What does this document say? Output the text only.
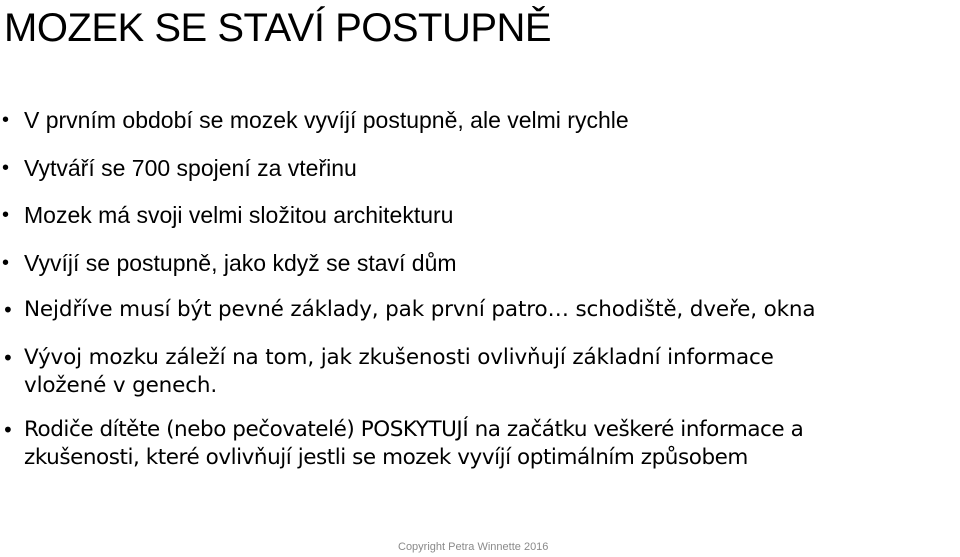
MOZEK SE STAVÍ POSTUPNĚ
• V prvním období se mozek vyvíjí postupně, ale velmi rychle
• Vytváří se 700 spojení za vteřinu
• Mozek má svoji velmi složitou architekturu
• Vyvíjí se postupně, jako když se staví dům
• Nejdříve musí být pevné základy, pak první patro… schodiště, dveře, okna
• Vývoj mozku záleží na tom, jak zkušenosti ovlivňují základní informace
vložené v genech.
• Rodiče dítěte (nebo pečovatelé) POSKYTUJÍ na začátku veškeré informace a
zkušenosti, které ovlivňují jestli se mozek vyvíjí optimálním způsobem
Copyright Petra Winnette 2016
